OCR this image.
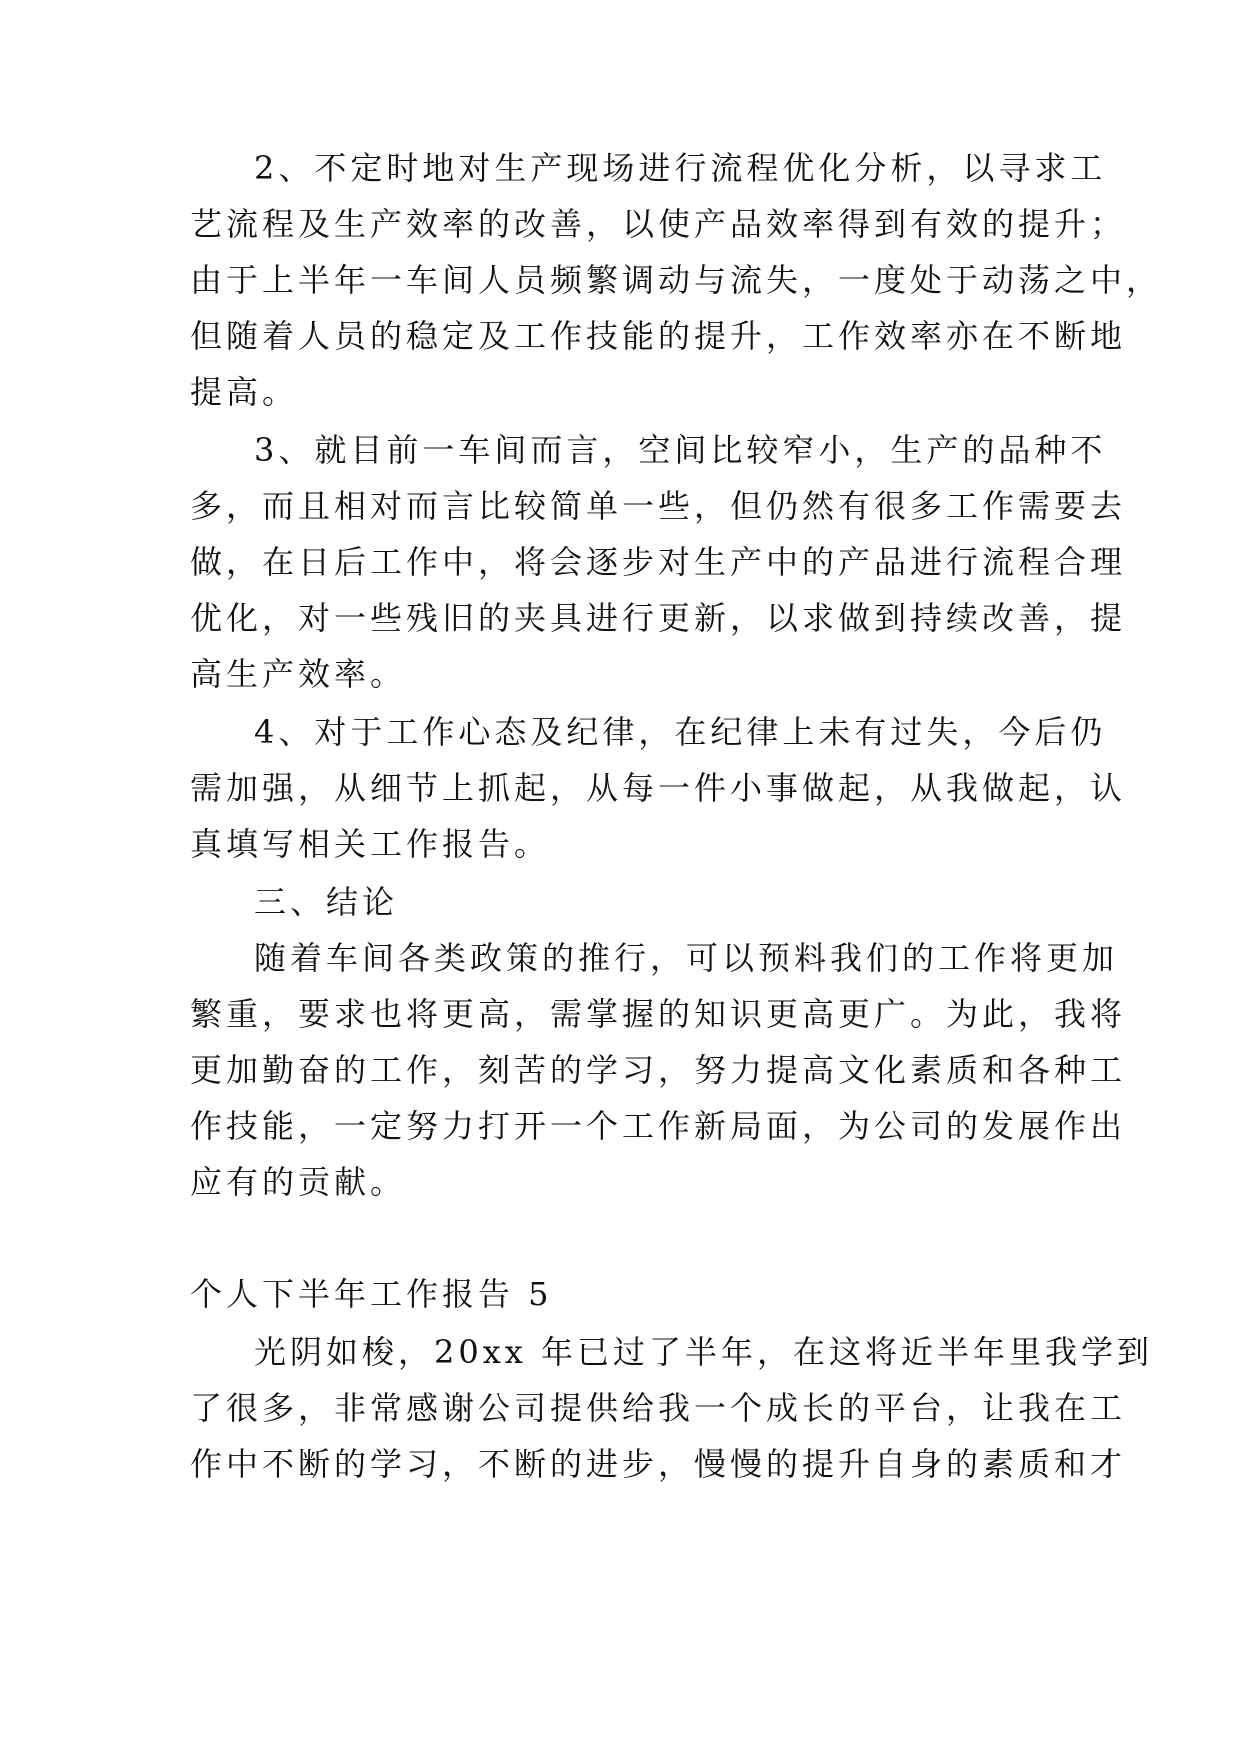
2、不定时地对生产现场进行流程优化分析，以寻求工
艺流程及生产效率的改善，以使产品效率得到有效的提升；
由于上半年一车间人员频繁调动与流失，一度处于动荡之中，
但随着人员的稳定及工作技能的提升，工作效率亦在不断地
提高。
3、就目前一车间而言，空间比较窄小，生产的品种不
多，而且相对而言比较简单一些，但仍然有很多工作需要去
做，在日后工作中，将会逐步对生产中的产品进行流程合理
优化，对一些残旧的夹具进行更新，以求做到持续改善，提
高生产效率。
4、对于工作心态及纪律，在纪律上未有过失，今后仍
需加强，从细节上抓起，从每一件小事做起，从我做起，认
真填写相关工作报告。
三、结论
随着车间各类政策的推行，可以预料我们的工作将更加
繁重，要求也将更高，需掌握的知识更高更广。为此，我将
更加勤奋的工作，刻苦的学习，努力提高文化素质和各种工
作技能，一定努力打开一个工作新局面，为公司的发展作出
应有的贡献。
个人下半年工作报告 5
光阴如梭，20xx 年已过了半年，在这将近半年里我学到
了很多，非常感谢公司提供给我一个成长的平台，让我在工
作中不断的学习，不断的进步，慢慢的提升自身的素质和才
